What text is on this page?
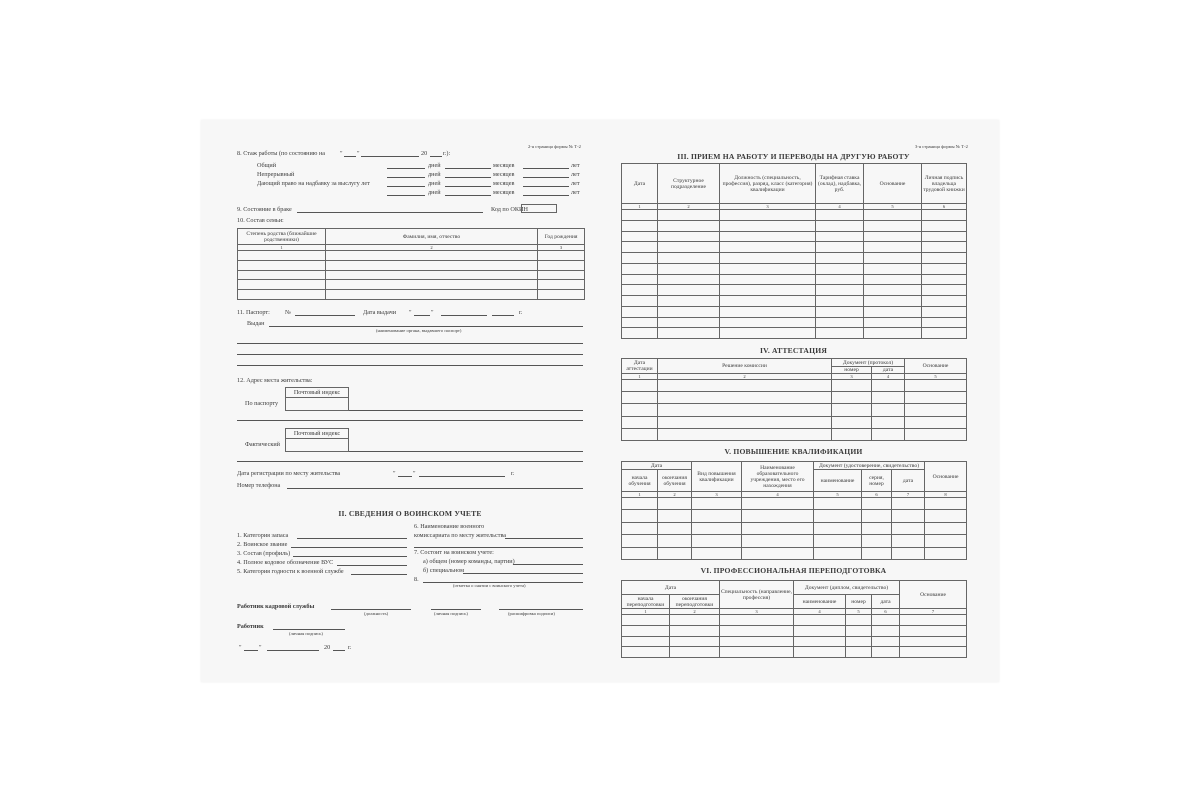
2-я страница формы № Т-2
8. Стаж работы (по состоянию на " "	20	г.):
Общий
Непрерывный
Дающий право на надбавку за выслугу лет
дней	месяцев	лет
дней	месяцев	лет
дней	месяцев	лет
дней	месяцев	лет
9. Состояние в браке	Код по ОКИН
10. Состав семьи:
Степень родства (ближайшие родственники)	Фамилия, имя, отчество	Год рождения
1	2	3

11. Паспорт: №	Дата выдачи "	"	г.
Выдан
(наименование органа, выдавшего паспорт)
12. Адрес места жительства:
Почтовый индекс
По паспорту
Почтовый индекс
Фактический
Дата регистрации по месту жительства	"	"	г.
Номер телефона
II. СВЕДЕНИЯ О ВОИНСКОМ УЧЕТЕ
1. Категория запаса
2. Воинское звание
3. Состав (профиль)
4. Полное кодовое обозначение ВУС
5. Категория годности к военной службе
6. Наименование военного
комиссариата по месту жительства
7. Состоит на воинском учете:
а) общем (номер команды, партии)
б) специальном
8.
(отметка о снятии с воинского учета)
Работник кадровой службы
(должность)	(личная подпись)	(расшифровка подписи)
Работник
(личная подпись)
"	"	20	г.
3-я страница формы № Т-2
III. ПРИЕМ НА РАБОТУ И ПЕРЕВОДЫ НА ДРУГУЮ РАБОТУ
Дата	Структурное подразделение	Должность (специальность, профессия), разряд, класс (категория) квалификации	Тарифная ставка (оклад), надбавка, руб.	Основание	Личная подпись владельца трудовой книжки
1	2	3	4	5	6

IV. АТТЕСТАЦИЯ
Дата аттестации	Решение комиссии	Документ (протокол)		Основание
		номер	дата	
1	2	3	4	5

V. ПОВЫШЕНИЕ КВАЛИФИКАЦИИ
Дата		Вид повышения квалификации	Наименование образовательного учреждения, место его нахождения	Документ (удостоверение, свидетельство)			Основание
начала обучения	окончания обучения			наименование	серия, номер	дата	
1	2	3	4	5	6	7	8

VI. ПРОФЕССИОНАЛЬНАЯ ПЕРЕПОДГОТОВКА
Дата		Специальность (направление, профессия)	Документ (диплом, свидетельство)			Основание
начала переподготовки	окончания переподготовки		наименование	номер	дата	
1	2	3	4	5	6	7
